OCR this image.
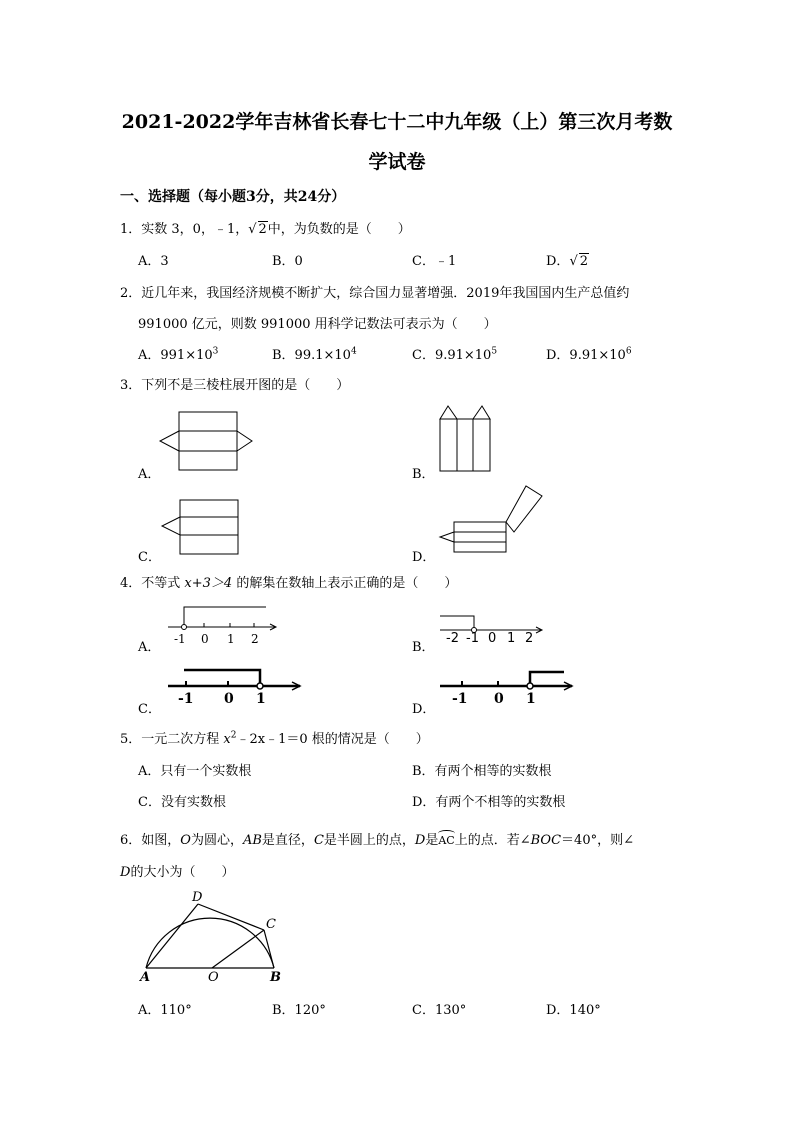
2021-2022学年吉林省长春七十二中九年级（上）第三次月考数
学试卷
一、选择题（每小题3分，共24分）
1．实数 3，0，﹣1，√ 2中，为负数的是（　　）
A．3	B．0	C．﹣1	D．√ 2
2．近几年来，我国经济规模不断扩大，综合国力显著增强．2019年我国国内生产总值约
991000 亿元，则数 991000 用科学记数法可表示为（　　）
A．$991\times 10^3$	B．$99.1\times 10^4$	C．$9.91\times 10^5$	D．$9.91\times 10^6$
3．下列不是三棱柱展开图的是（　　）
A．	B．
C．	D．
4．不等式 x+3＞4 的解集在数轴上表示正确的是（　　）
-1 0 1 2
A．
-2 -1 0 1 2
B．
-1 0 1
C．
-1 0 1
D．
5．一元二次方程 $x^2﹣2x﹣1=0$ 根的情况是（　　）
A．只有一个实数根	B．有两个相等的实数根
C．没有实数根	D．有两个不相等的实数根
6．如图，O为圆心，AB是直径，C是半圆上的点，D是AC上的点．若∠BOC＝40°，则∠
D的大小为（　　）
D
C
A	O	B
A．110°	B．120°	C．130°	D．140°
